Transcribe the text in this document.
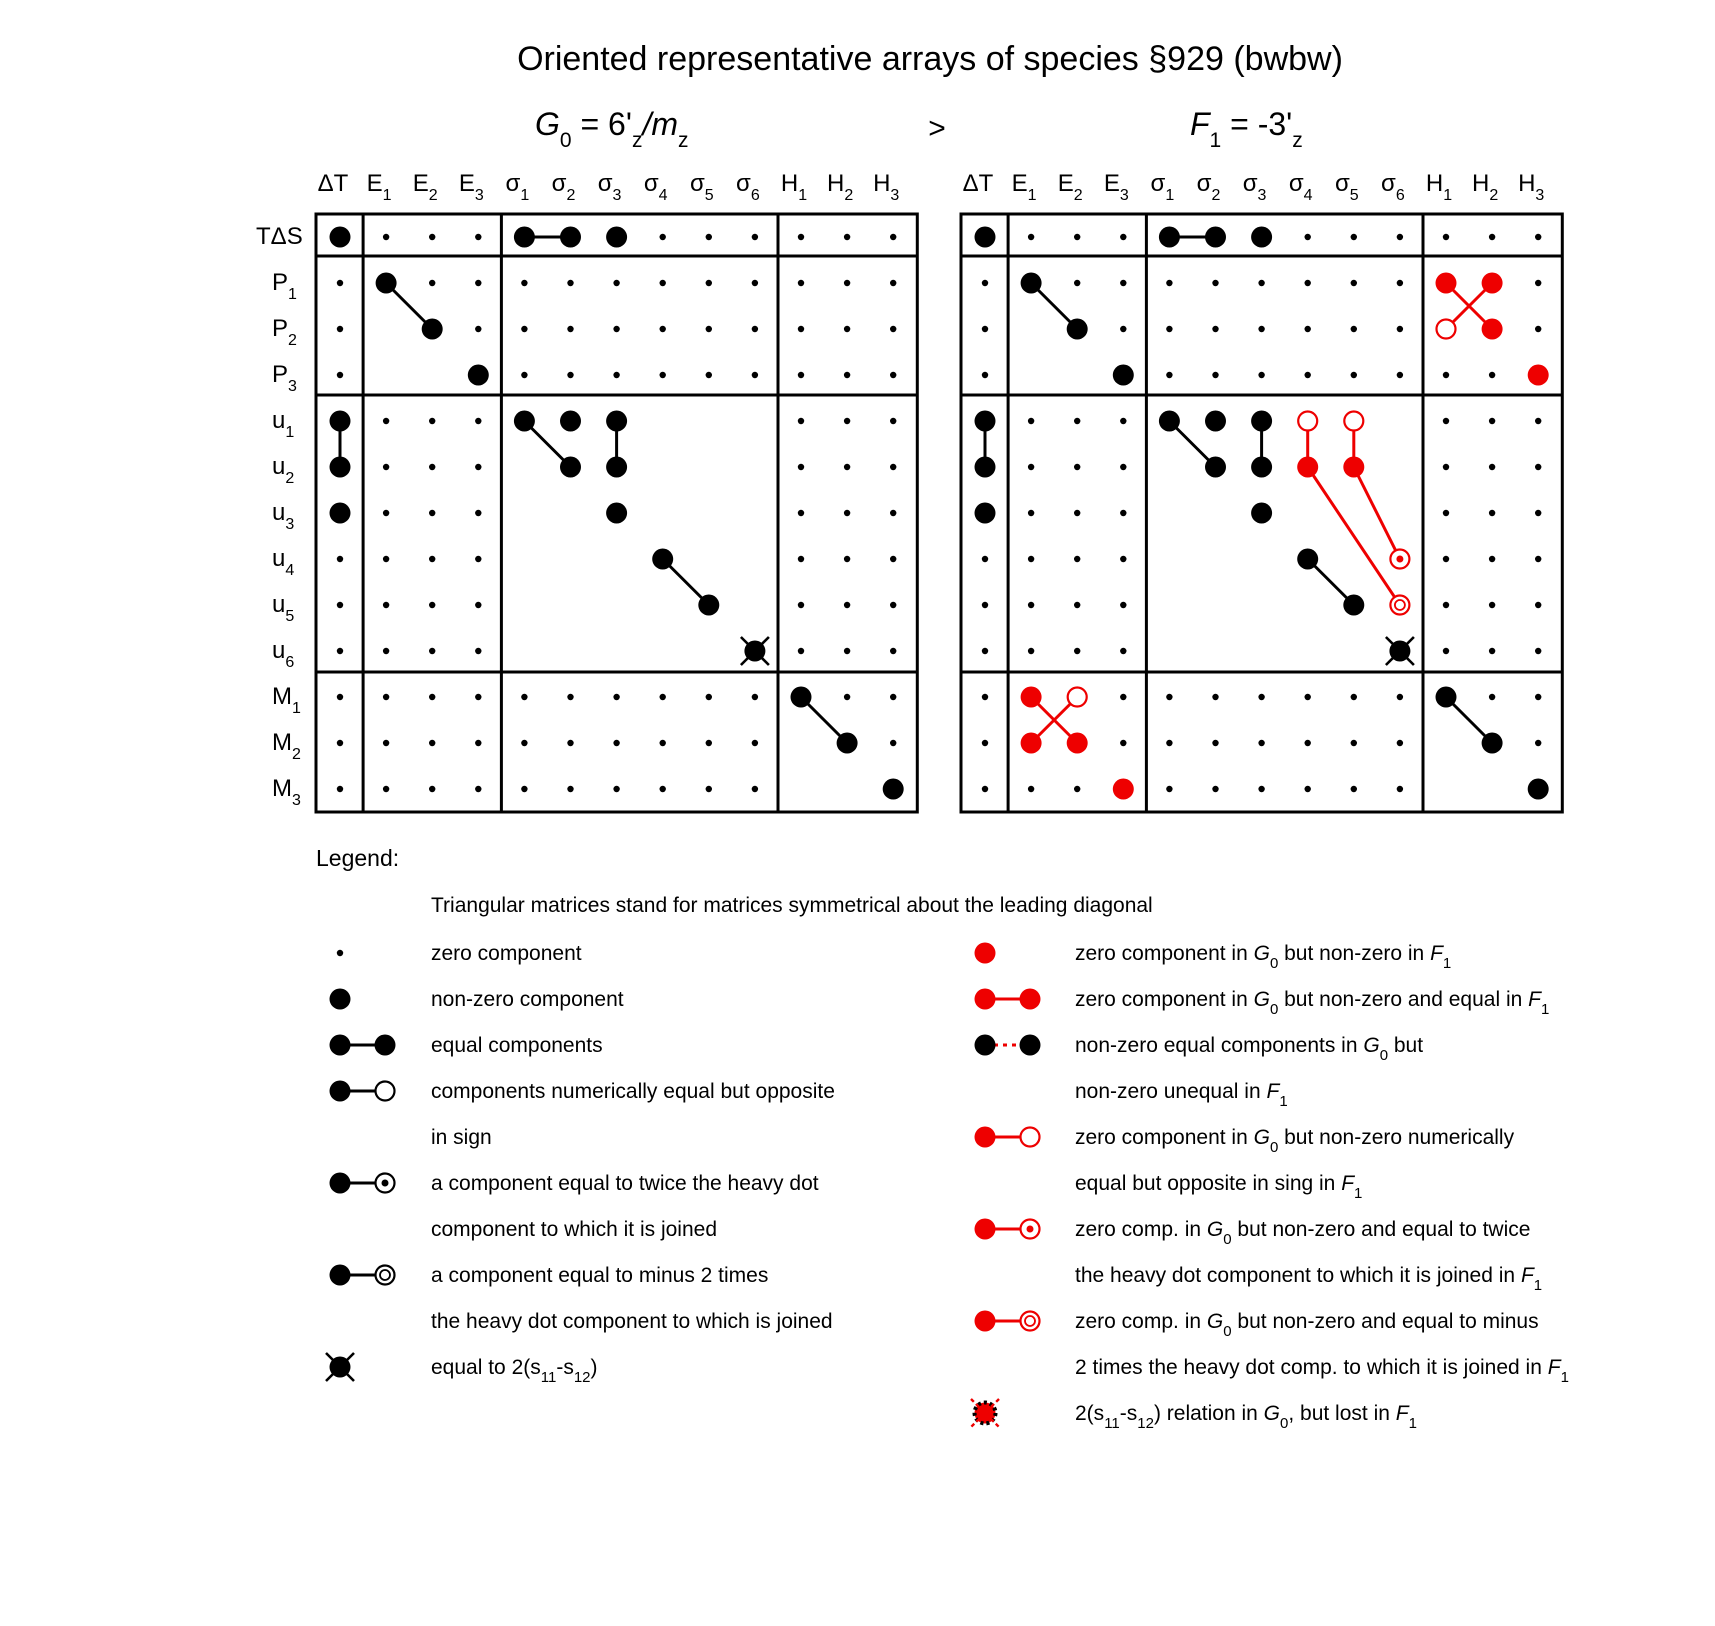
Oriented representative arrays of species §929 (bwbw)
$G_0 = 6'_z/m_z$	>	$F_1 = -3'_z$
ΔT $E_1$ $E_2$ $E_3$ $\sigma_1$ $\sigma_2$ $\sigma_3$ $\sigma_4$ $\sigma_5$ $\sigma_6$ $H_1$ $H_2$ $H_3$
TΔS
$P_1$
$P_2$
$P_3$
$u_1$
$u_2$
$u_3$
$u_4$
$u_5$
$u_6$
$M_1$
$M_2$
$M_3$
ΔT $E_1$ $E_2$ $E_3$ $\sigma_1$ $\sigma_2$ $\sigma_3$ $\sigma_4$ $\sigma_5$ $\sigma_6$ $H_1$ $H_2$ $H_3$
Legend:
Triangular matrices stand for matrices symmetrical about the leading diagonal
zero component
non-zero component
equal components
components numerically equal but opposite
in sign
a component equal to twice the heavy dot
component to which it is joined
a component equal to minus 2 times
the heavy dot component to which is joined
equal to $2(s_{11}-s_{12})$
zero component in $G_0$ but non-zero in $F_1$
zero component in $G_0$ but non-zero and equal in $F_1$
non-zero equal components in $G_0$ but
non-zero unequal in $F_1$
zero component in $G_0$ but non-zero numerically
equal but opposite in sing in $F_1$
zero comp. in $G_0$ but non-zero and equal to twice
the heavy dot component to which it is joined in $F_1$
zero comp. in $G_0$ but non-zero and equal to minus
2 times the heavy dot comp. to which it is joined in $F_1$
$2(s_{11}-s_{12})$ relation in $G_0$, but lost in $F_1$
